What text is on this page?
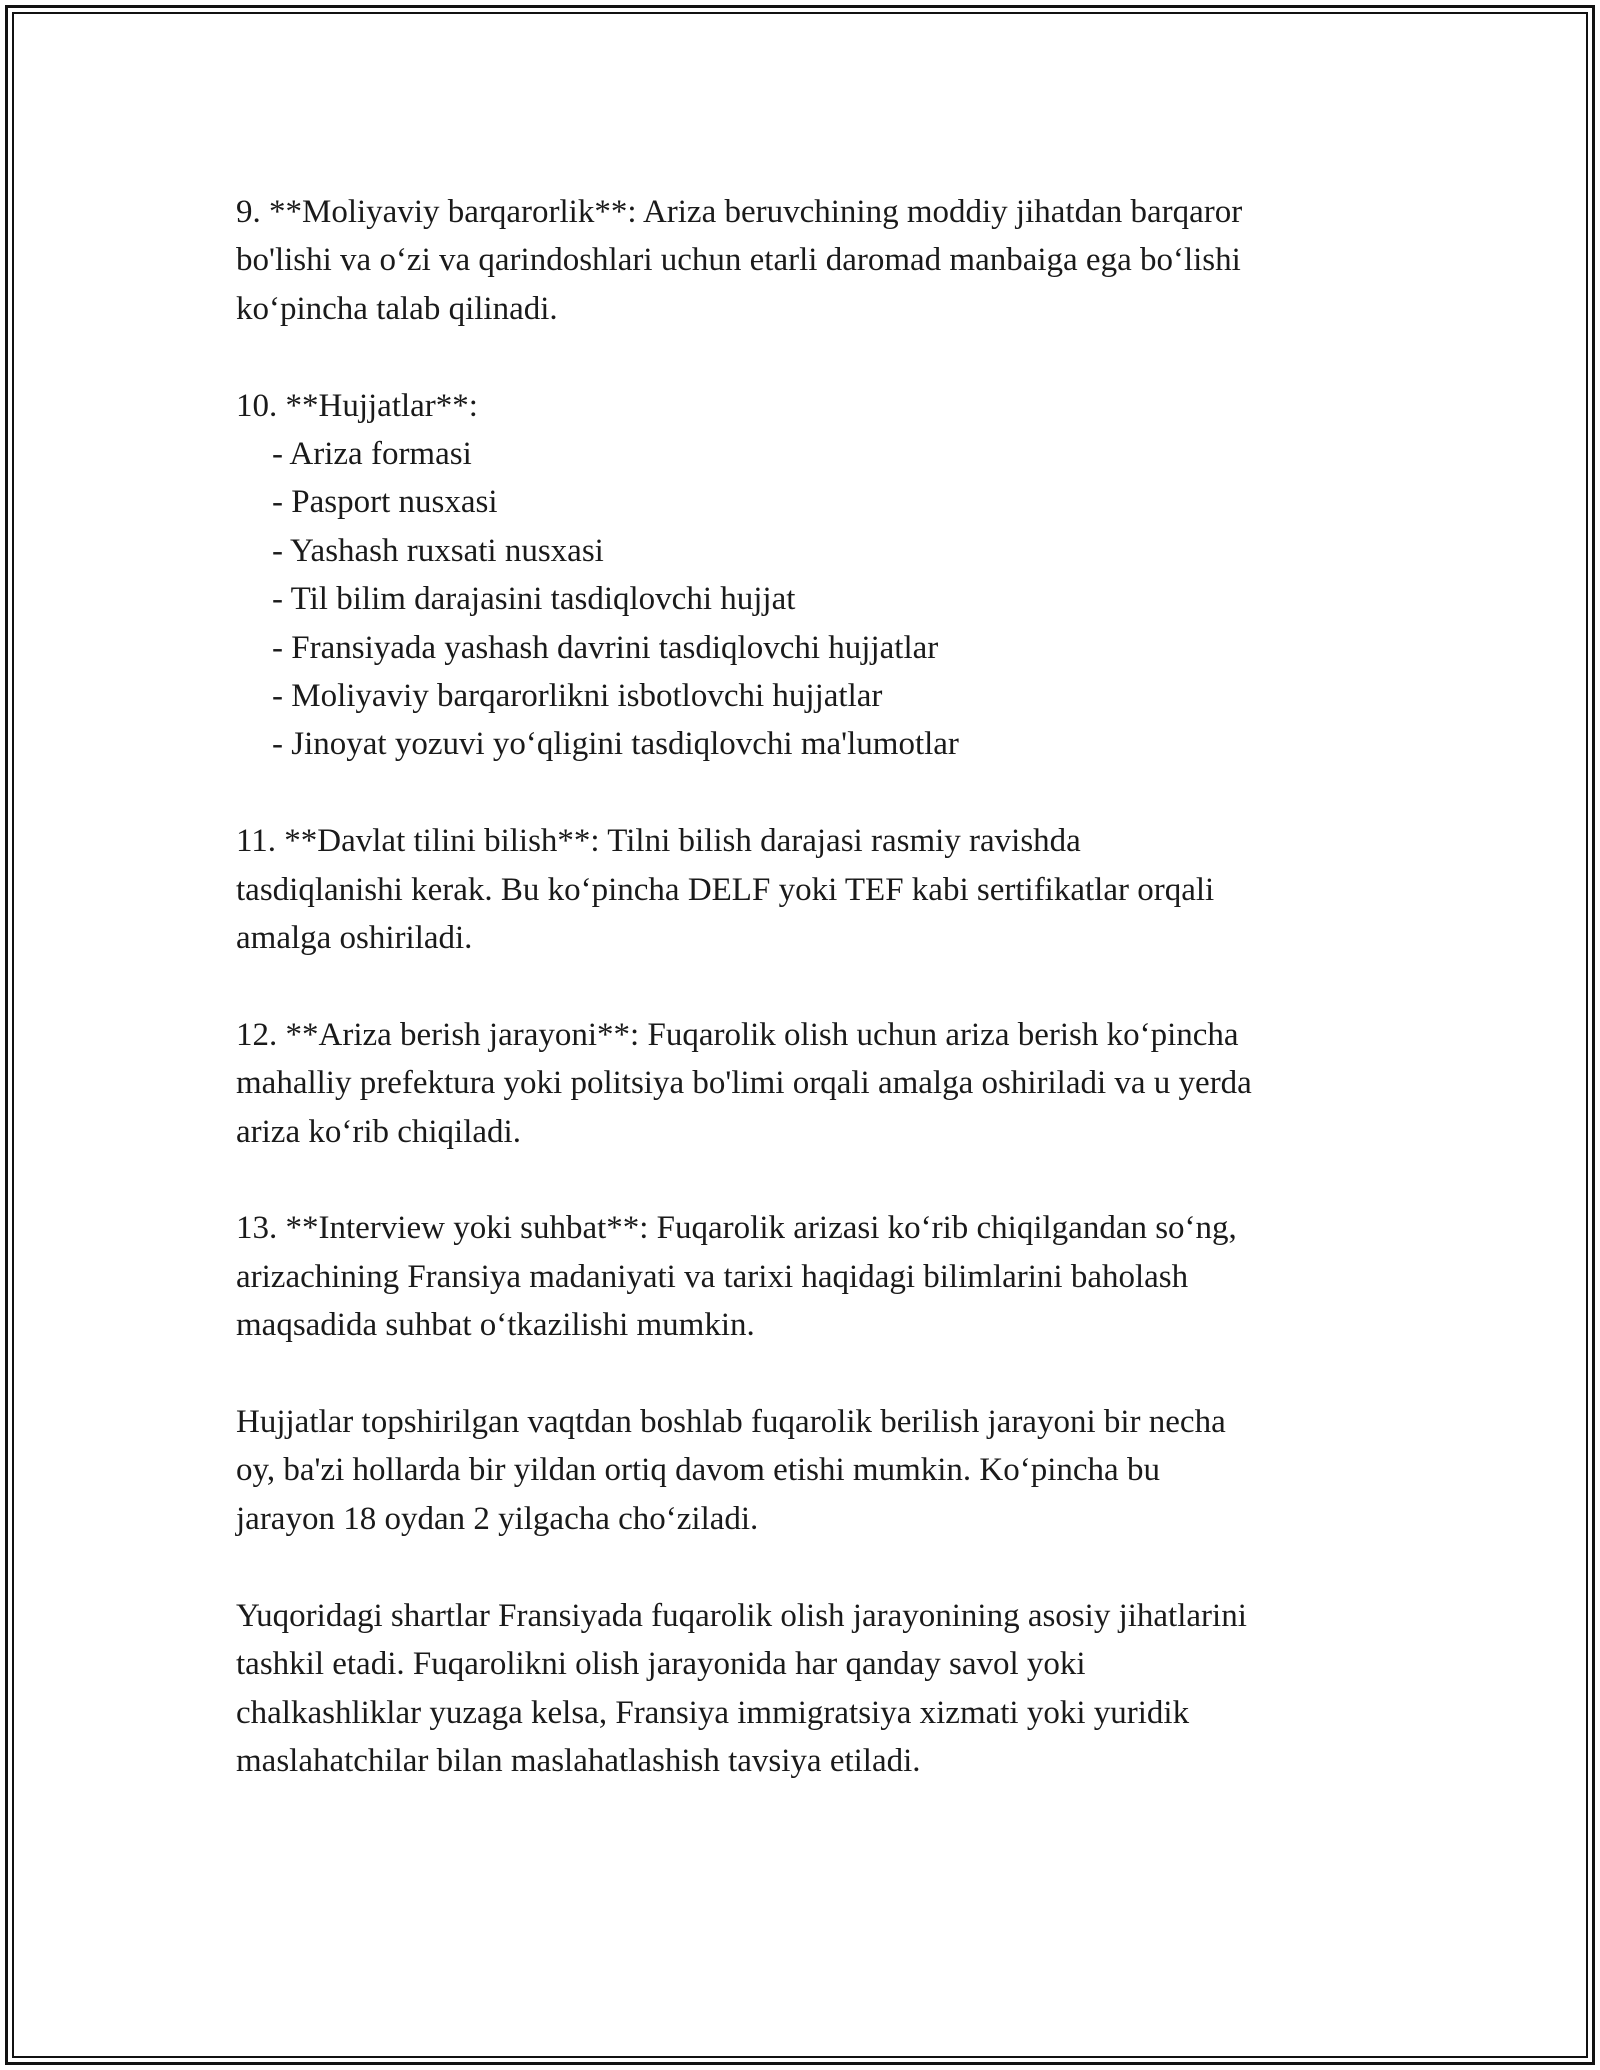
9. **Moliyaviy barqarorlik**: Ariza beruvchining moddiy jihatdan barqaror
bo'lishi va o‘zi va qarindoshlari uchun etarli daromad manbaiga ega bo‘lishi
ko‘pincha talab qilinadi.

10. **Hujjatlar**:

- Ariza formasi
- Pasport nusxasi
- Yashash ruxsati nusxasi
- Til bilim darajasini tasdiqlovchi hujjat
- Fransiyada yashash davrini tasdiqlovchi hujjatlar
- Moliyaviy barqarorlikni isbotlovchi hujjatlar
- Jinoyat yozuvi yo‘qligini tasdiqlovchi ma'lumotlar

11. **Davlat tilini bilish**: Tilni bilish darajasi rasmiy ravishda
tasdiqlanishi kerak. Bu ko‘pincha DELF yoki TEF kabi sertifikatlar orqali
amalga oshiriladi.

12. **Ariza berish jarayoni**: Fuqarolik olish uchun ariza berish ko‘pincha
mahalliy prefektura yoki politsiya bo'limi orqali amalga oshiriladi va u yerda
ariza ko‘rib chiqiladi.

13. **Interview yoki suhbat**: Fuqarolik arizasi ko‘rib chiqilgandan so‘ng,
arizachining Fransiya madaniyati va tarixi haqidagi bilimlarini baholash
maqsadida suhbat o‘tkazilishi mumkin.

Hujjatlar topshirilgan vaqtdan boshlab fuqarolik berilish jarayoni bir necha
oy, ba'zi hollarda bir yildan ortiq davom etishi mumkin. Ko‘pincha bu
jarayon 18 oydan 2 yilgacha cho‘ziladi.

Yuqoridagi shartlar Fransiyada fuqarolik olish jarayonining asosiy jihatlarini
tashkil etadi. Fuqarolikni olish jarayonida har qanday savol yoki
chalkashliklar yuzaga kelsa, Fransiya immigratsiya xizmati yoki yuridik
maslahatchilar bilan maslahatlashish tavsiya etiladi.
